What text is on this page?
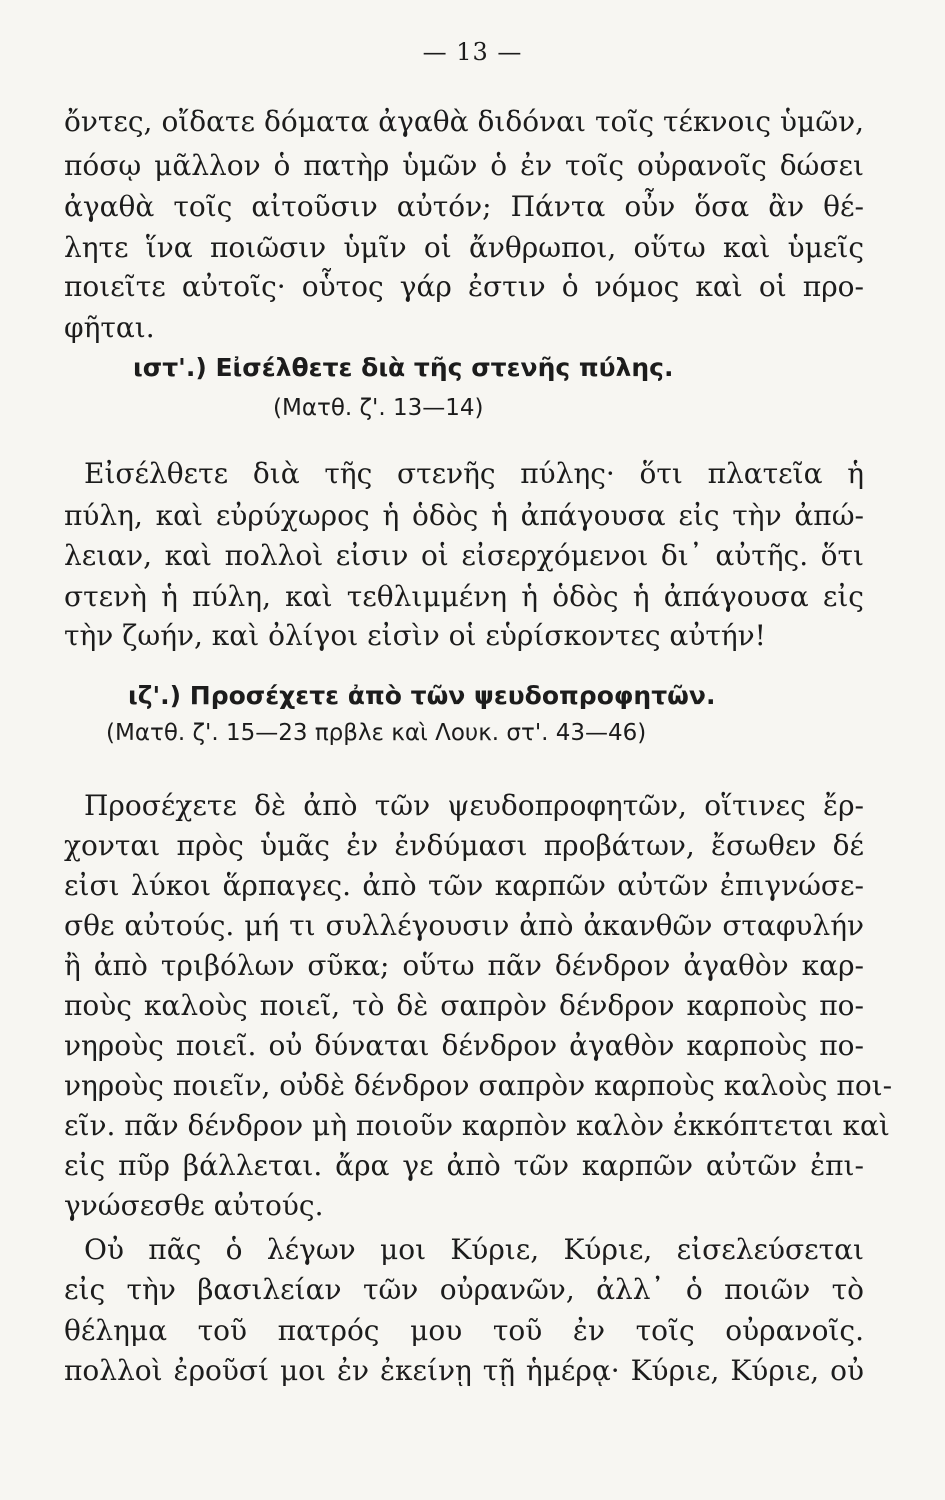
— 13 —
ὄντες, οἴδατε δόματα ἀγαθὰ διδόναι τοῖς τέκνοις ὑμῶν,
πόσῳ μᾶλλον ὁ πατὴρ ὑμῶν ὁ ἐν τοῖς οὐρανοῖς δώσει
ἀγαθὰ τοῖς αἰτοῦσιν αὐτόν; Πάντα οὖν ὅσα ἂν θέ-
λητε ἵνα ποιῶσιν ὑμῖν οἱ ἄνθρωποι, οὕτω καὶ ὑμεῖς
ποιεῖτε αὐτοῖς· οὗτος γάρ ἐστιν ὁ νόμος καὶ οἱ προ-
φῆται.
ιστ'.) Εἰσέλθετε διὰ τῆς στενῆς πύλης.
(Ματθ. ζ'. 13—14)
Εἰσέλθετε διὰ τῆς στενῆς πύλης· ὅτι πλατεῖα ἡ
πύλη, καὶ εὐρύχωρος ἡ ὁδὸς ἡ ἀπάγουσα εἰς τὴν ἀπώ-
λειαν, καὶ πολλοὶ εἰσιν οἱ εἰσερχόμενοι δι᾿ αὐτῆς. ὅτι
στενὴ ἡ πύλη, καὶ τεθλιμμένη ἡ ὁδὸς ἡ ἀπάγουσα εἰς
τὴν ζωήν, καὶ ὀλίγοι εἰσὶν οἱ εὑρίσκοντες αὐτήν!
ιζ'.) Προσέχετε ἀπὸ τῶν ψευδοπροφητῶν.
(Ματθ. ζ'. 15—23 πρβλε καὶ Λουκ. στ'. 43—46)
Προσέχετε δὲ ἀπὸ τῶν ψευδοπροφητῶν, οἵτινες ἔρ-
χονται πρὸς ὑμᾶς ἐν ἐνδύμασι προβάτων, ἔσωθεν δέ
εἰσι λύκοι ἅρπαγες. ἀπὸ τῶν καρπῶν αὐτῶν ἐπιγνώσε-
σθε αὐτούς. μή τι συλλέγουσιν ἀπὸ ἀκανθῶν σταφυλήν
ἢ ἀπὸ τριβόλων σῦκα; οὕτω πᾶν δένδρον ἀγαθὸν καρ-
ποὺς καλοὺς ποιεῖ, τὸ δὲ σαπρὸν δένδρον καρποὺς πο-
νηροὺς ποιεῖ. οὐ δύναται δένδρον ἀγαθὸν καρποὺς πο-
νηροὺς ποιεῖν, οὐδὲ δένδρον σαπρὸν καρποὺς καλοὺς ποι-
εῖν. πᾶν δένδρον μὴ ποιοῦν καρπὸν καλὸν ἐκκόπτεται καὶ
εἰς πῦρ βάλλεται. ἄρα γε ἀπὸ τῶν καρπῶν αὐτῶν ἐπι-
γνώσεσθε αὐτούς.
Οὐ πᾶς ὁ λέγων μοι Κύριε, Κύριε, εἰσελεύσεται
εἰς τὴν βασιλείαν τῶν οὐρανῶν, ἀλλ᾿ ὁ ποιῶν τὸ
θέλημα τοῦ πατρός μου τοῦ ἐν τοῖς οὐρανοῖς.
πολλοὶ ἐροῦσί μοι ἐν ἐκείνῃ τῇ ἡμέρᾳ· Κύριε, Κύριε, οὐ
